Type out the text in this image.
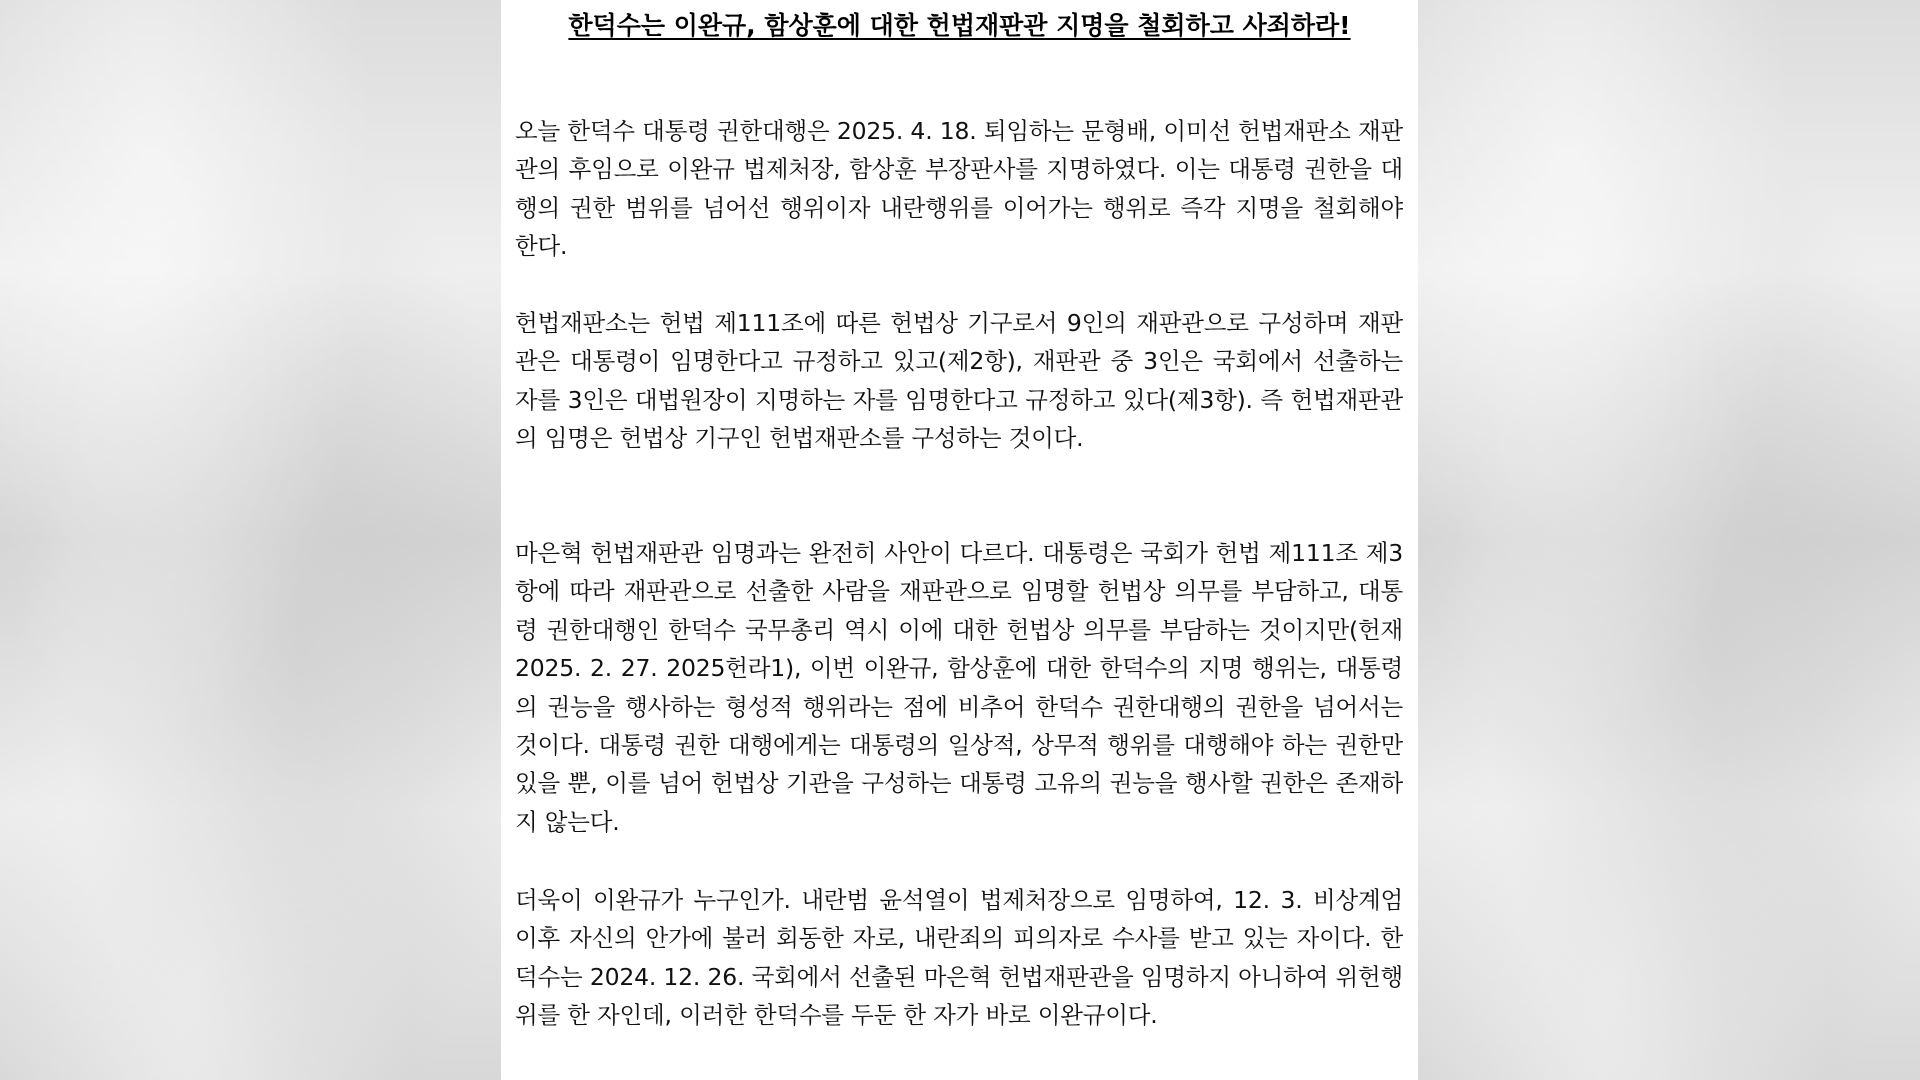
한덕수는 이완규, 함상훈에 대한 헌법재판관 지명을 철회하고 사죄하라!

오늘 한덕수 대통령 권한대행은 2025. 4. 18. 퇴임하는 문형배, 이미선 헌법재판소 재판관의 후임으로 이완규 법제처장, 함상훈 부장판사를 지명하였다. 이는 대통령 권한을 대행의 권한 범위를 넘어선 행위이자 내란행위를 이어가는 행위로 즉각 지명을 철회해야 한다.

헌법재판소는 헌법 제111조에 따른 헌법상 기구로서 9인의 재판관으로 구성하며 재판관은 대통령이 임명한다고 규정하고 있고(제2항), 재판관 중 3인은 국회에서 선출하는 자를 3인은 대법원장이 지명하는 자를 임명한다고 규정하고 있다(제3항). 즉 헌법재판관의 임명은 헌법상 기구인 헌법재판소를 구성하는 것이다.

마은혁 헌법재판관 임명과는 완전히 사안이 다르다. 대통령은 국회가 헌법 제111조 제3항에 따라 재판관으로 선출한 사람을 재판관으로 임명할 헌법상 의무를 부담하고, 대통령 권한대행인 한덕수 국무총리 역시 이에 대한 헌법상 의무를 부담하는 것이지만(헌재 2025. 2. 27. 2025헌라1), 이번 이완규, 함상훈에 대한 한덕수의 지명 행위는, 대통령의 권능을 행사하는 형성적 행위라는 점에 비추어 한덕수 권한대행의 권한을 넘어서는 것이다. 대통령 권한 대행에게는 대통령의 일상적, 상무적 행위를 대행해야 하는 권한만 있을 뿐, 이를 넘어 헌법상 기관을 구성하는 대통령 고유의 권능을 행사할 권한은 존재하지 않는다.

더욱이 이완규가 누구인가. 내란범 윤석열이 법제처장으로 임명하여, 12. 3. 비상계엄 이후 자신의 안가에 불러 회동한 자로, 내란죄의 피의자로 수사를 받고 있는 자이다. 한덕수는 2024. 12. 26. 국회에서 선출된 마은혁 헌법재판관을 임명하지 아니하여 위헌행위를 한 자인데, 이러한 한덕수를 두둔 한 자가 바로 이완규이다.
